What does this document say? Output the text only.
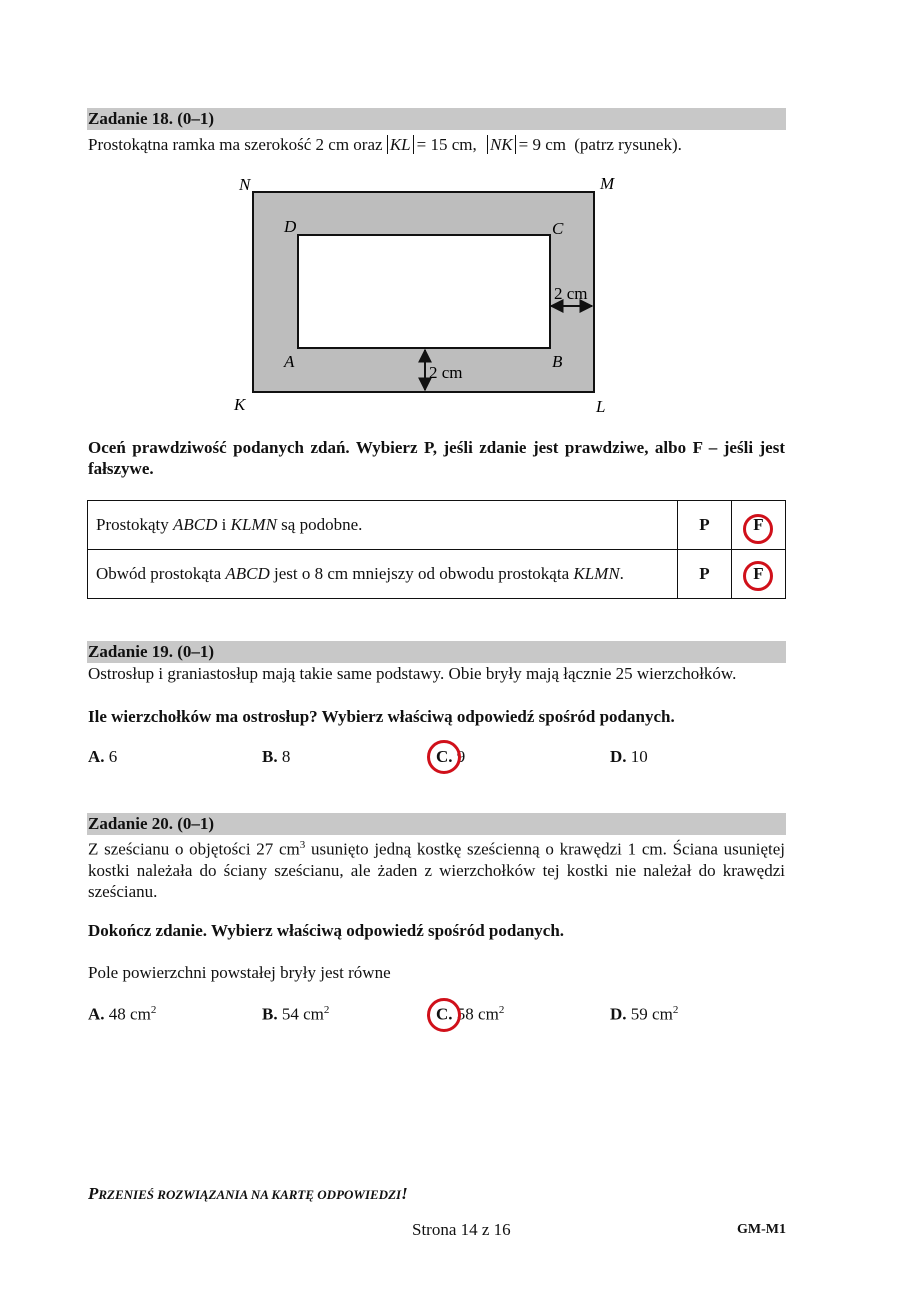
Zadanie 18. (0–1)
Prostokątna ramka ma szerokość 2 cm oraz KL = 15 cm, NK = 9 cm (patrz rysunek).
N	M
K	L
D	C
A	B
2 cm
2 cm
Oceń prawdziwość podanych zdań. Wybierz P, jeśli zdanie jest prawdziwe, albo F – jeśli jest fałszywe.
Prostokąty ABCD i KLMN są podobne.	P	F
Obwód prostokąta ABCD jest o 8 cm mniejszy od obwodu prostokąta KLMN.	P	F
Zadanie 19. (0–1)
Ostrosłup i graniastosłup mają takie same podstawy. Obie bryły mają łącznie 25 wierzchołków.
Ile wierzchołków ma ostrosłup? Wybierz właściwą odpowiedź spośród podanych.
A. 6	B. 8	C. 9	D. 10
Zadanie 20. (0–1)
Z sześcianu o objętości 27 $cm^3$ usunięto jedną kostkę sześcienną o krawędzi 1 cm. Ściana usuniętej kostki należała do ściany sześcianu, ale żaden z wierzchołków tej kostki nie należał do krawędzi sześcianu.
Dokończ zdanie. Wybierz właściwą odpowiedź spośród podanych.
Pole powierzchni powstałej bryły jest równe
A. 48 $cm^2$	B. 54 $cm^2$	C. 58 $cm^2$	D. 59 $cm^2$
PRZENIEŚ ROZWIĄZANIA NA KARTĘ ODPOWIEDZI!
Strona 14 z 16	GM-M1
